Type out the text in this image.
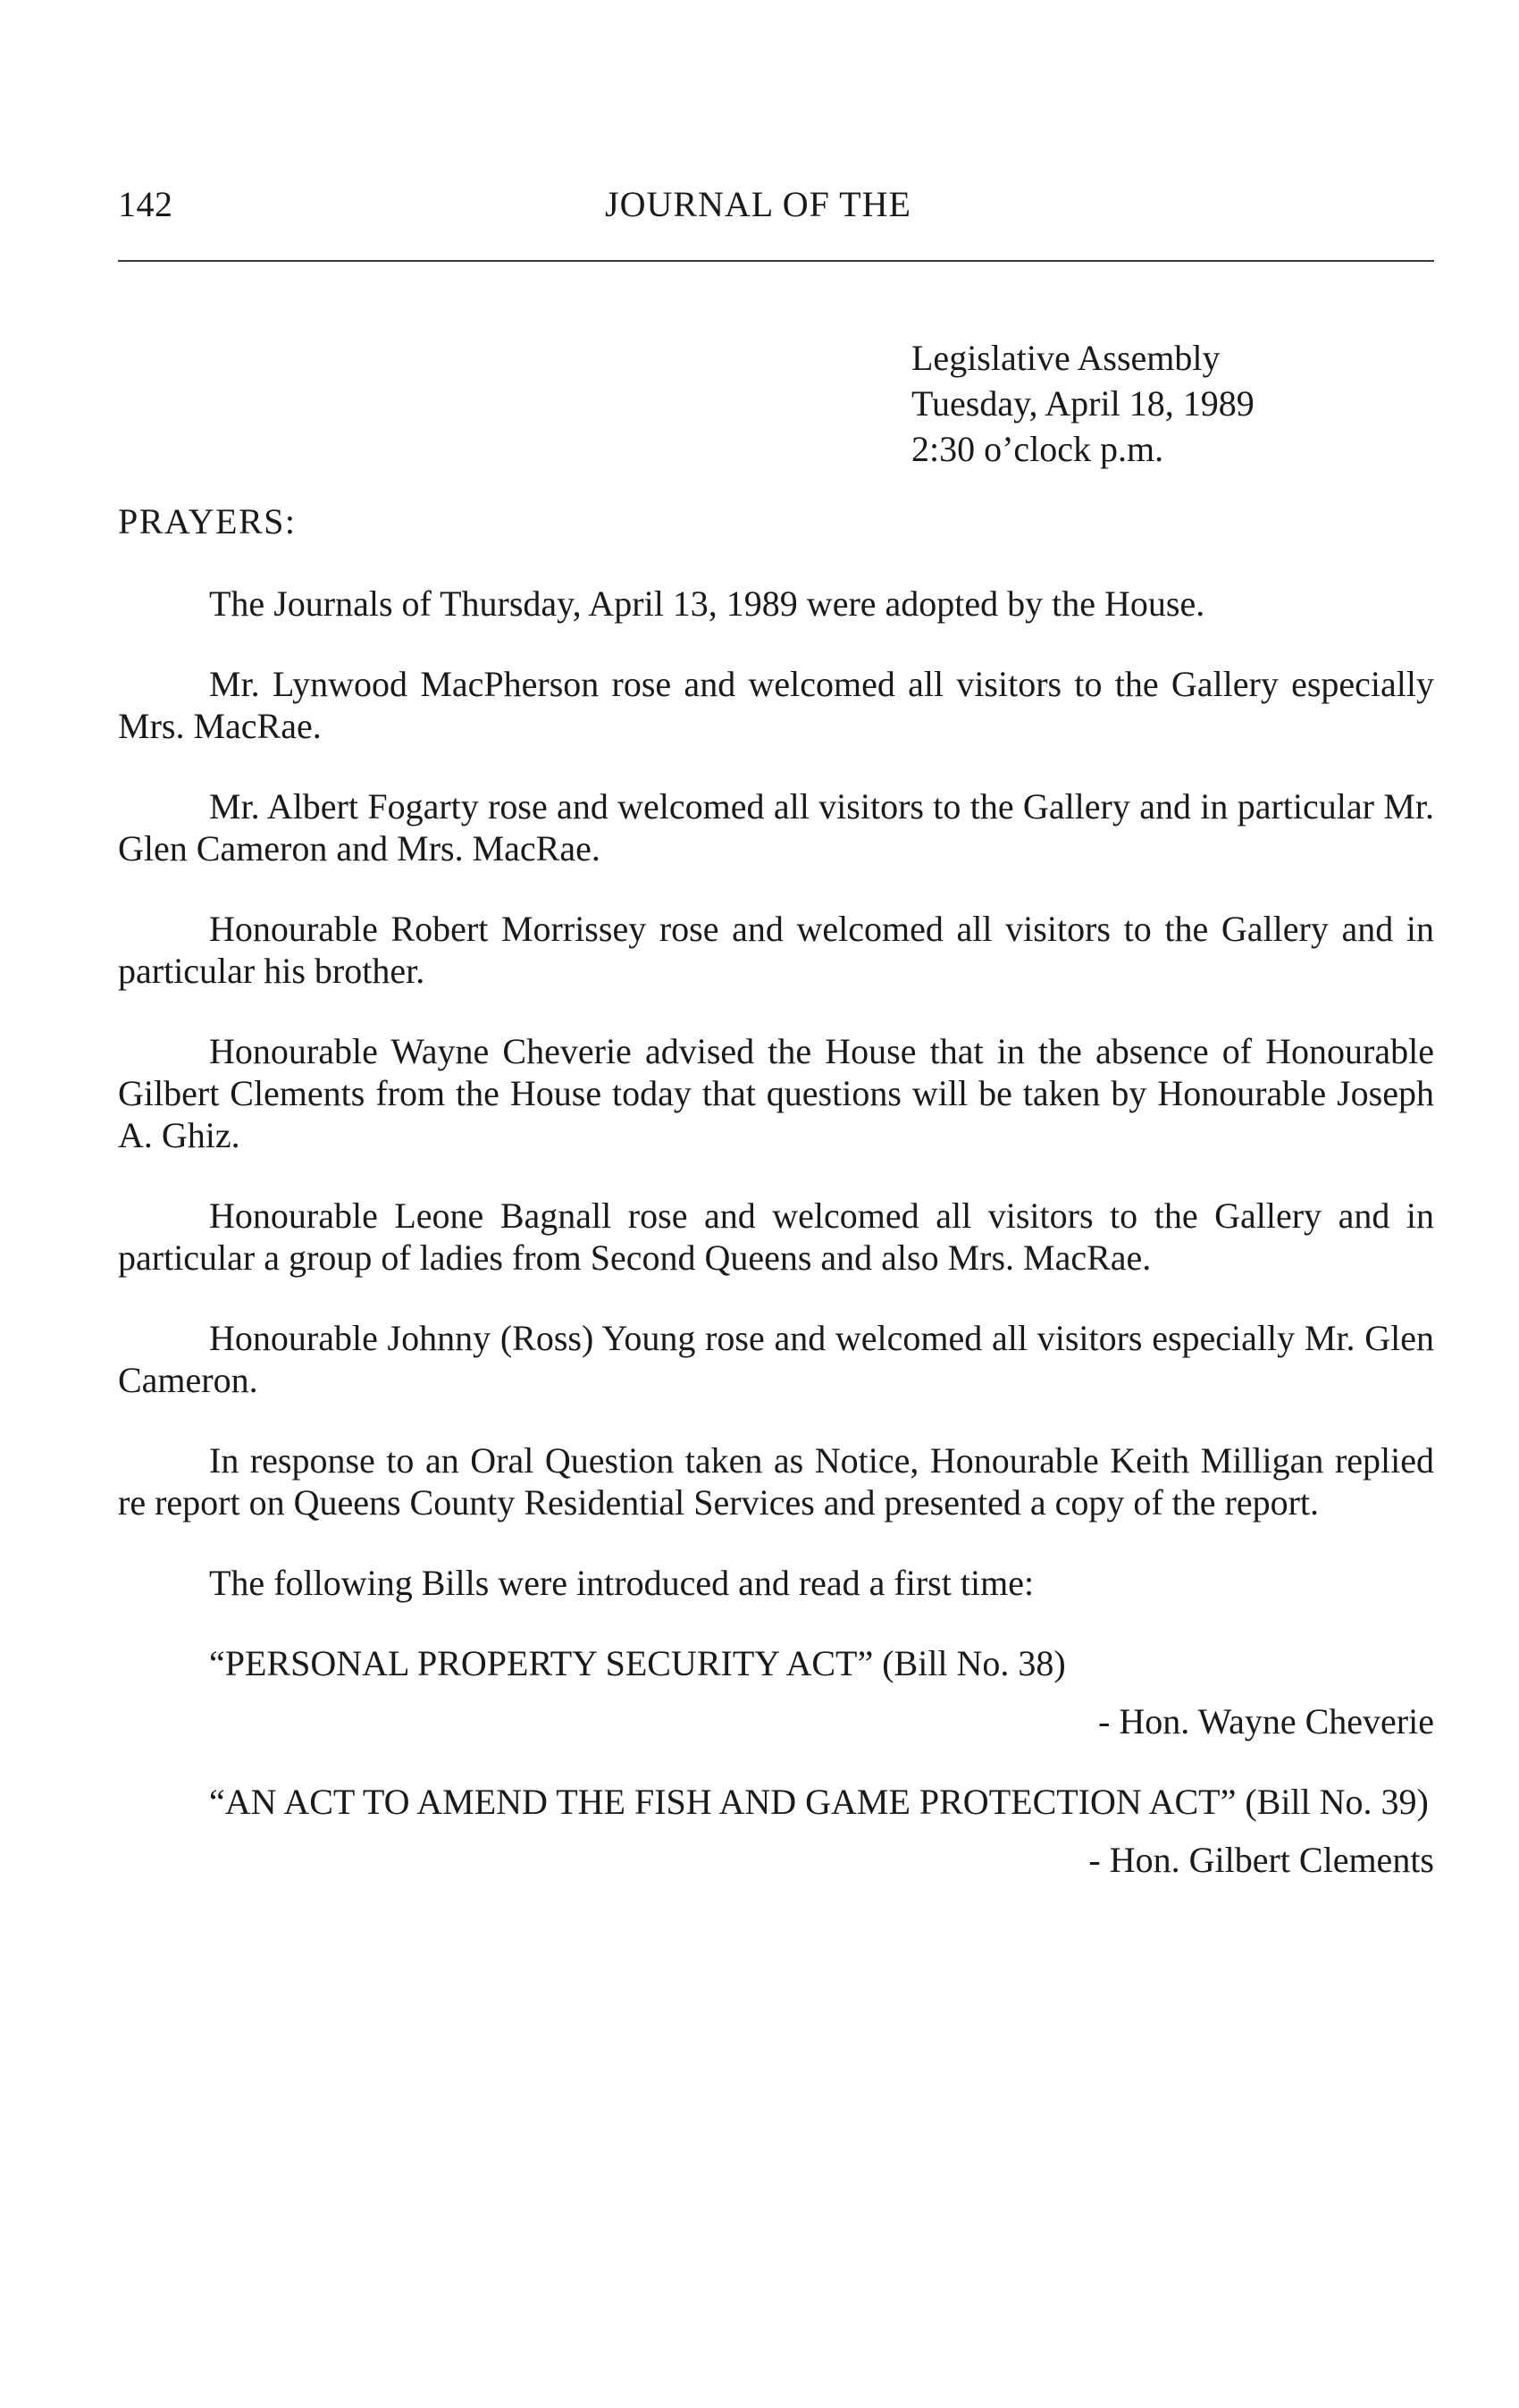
142	JOURNAL OF THE
Legislative Assembly
Tuesday, April 18, 1989
2:30 o’clock p.m.
PRAYERS:

The Journals of Thursday, April 13, 1989 were adopted by the House.

Mr. Lynwood MacPherson rose and welcomed all visitors to the Gallery especially Mrs. MacRae.

Mr. Albert Fogarty rose and welcomed all visitors to the Gallery and in particular Mr. Glen Cameron and Mrs. MacRae.

Honourable Robert Morrissey rose and welcomed all visitors to the Gallery and in particular his brother.

Honourable Wayne Cheverie advised the House that in the absence of Honourable Gilbert Clements from the House today that questions will be taken by Honourable Joseph A. Ghiz.

Honourable Leone Bagnall rose and welcomed all visitors to the Gallery and in particular a group of ladies from Second Queens and also Mrs. MacRae.

Honourable Johnny (Ross) Young rose and welcomed all visitors especially Mr. Glen Cameron.

In response to an Oral Question taken as Notice, Honourable Keith Milligan replied re report on Queens County Residential Services and presented a copy of the report.

The following Bills were introduced and read a first time:

“PERSONAL PROPERTY SECURITY ACT” (Bill No. 38)

- Hon. Wayne Cheverie

“AN ACT TO AMEND THE FISH AND GAME PROTECTION ACT” (Bill No. 39)

- Hon. Gilbert Clements
